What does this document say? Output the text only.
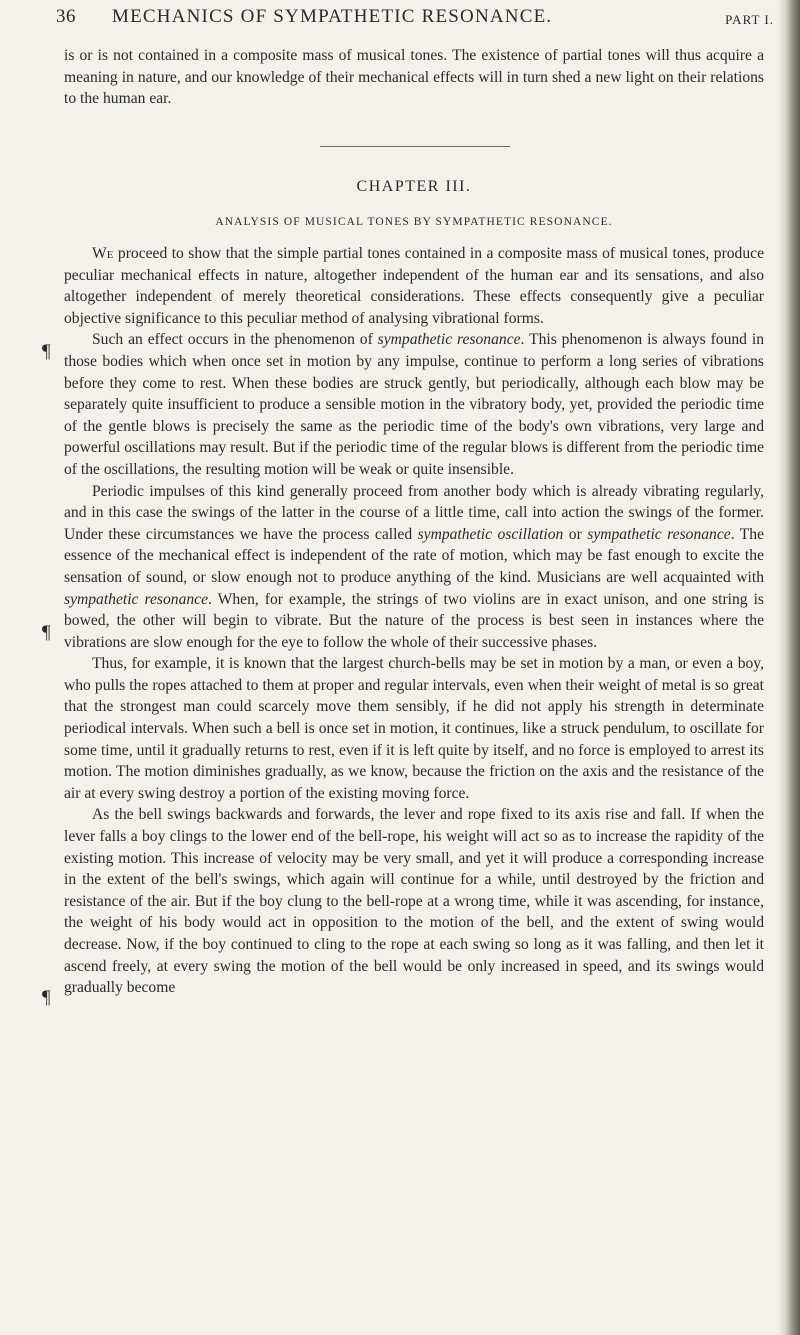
36 MECHANICS OF SYMPATHETIC RESONANCE.	PART I.

is or is not contained in a composite mass of musical tones. The existence of partial tones will thus acquire a meaning in nature, and our knowledge of their mechanical effects will in turn shed a new light on their relations to the human ear.

CHAPTER III.
ANALYSIS OF MUSICAL TONES BY SYMPATHETIC RESONANCE.
¶
¶
¶

We proceed to show that the simple partial tones contained in a composite mass of musical tones, produce peculiar mechanical effects in nature, altogether independent of the human ear and its sensations, and also altogether independent of merely theoretical considerations. These effects consequently give a peculiar objective significance to this peculiar method of analysing vibrational forms.

Such an effect occurs in the phenomenon of sympathetic resonance. This phenomenon is always found in those bodies which when once set in motion by any impulse, continue to perform a long series of vibrations before they come to rest. When these bodies are struck gently, but periodically, although each blow may be separately quite insufficient to produce a sensible motion in the vibratory body, yet, provided the periodic time of the gentle blows is precisely the same as the periodic time of the body's own vibrations, very large and powerful oscillations may result. But if the periodic time of the regular blows is different from the periodic time of the oscillations, the resulting motion will be weak or quite insensible.

Periodic impulses of this kind generally proceed from another body which is already vibrating regularly, and in this case the swings of the latter in the course of a little time, call into action the swings of the former. Under these circumstances we have the process called sympathetic oscillation or sympathetic resonance. The essence of the mechanical effect is independent of the rate of motion, which may be fast enough to excite the sensation of sound, or slow enough not to produce anything of the kind. Musicians are well acquainted with sympathetic resonance. When, for example, the strings of two violins are in exact unison, and one string is bowed, the other will begin to vibrate. But the nature of the process is best seen in instances where the vibrations are slow enough for the eye to follow the whole of their successive phases.

Thus, for example, it is known that the largest church-bells may be set in motion by a man, or even a boy, who pulls the ropes attached to them at proper and regular intervals, even when their weight of metal is so great that the strongest man could scarcely move them sensibly, if he did not apply his strength in determinate periodical intervals. When such a bell is once set in motion, it continues, like a struck pendulum, to oscillate for some time, until it gradually returns to rest, even if it is left quite by itself, and no force is employed to arrest its motion. The motion diminishes gradually, as we know, because the friction on the axis and the resistance of the air at every swing destroy a portion of the existing moving force.

As the bell swings backwards and forwards, the lever and rope fixed to its axis rise and fall. If when the lever falls a boy clings to the lower end of the bell-rope, his weight will act so as to increase the rapidity of the existing motion. This increase of velocity may be very small, and yet it will produce a corresponding increase in the extent of the bell's swings, which again will continue for a while, until destroyed by the friction and resistance of the air. But if the boy clung to the bell-rope at a wrong time, while it was ascending, for instance, the weight of his body would act in opposition to the motion of the bell, and the extent of swing would decrease. Now, if the boy continued to cling to the rope at each swing so long as it was falling, and then let it ascend freely, at every swing the motion of the bell would be only increased in speed, and its swings would gradually become
